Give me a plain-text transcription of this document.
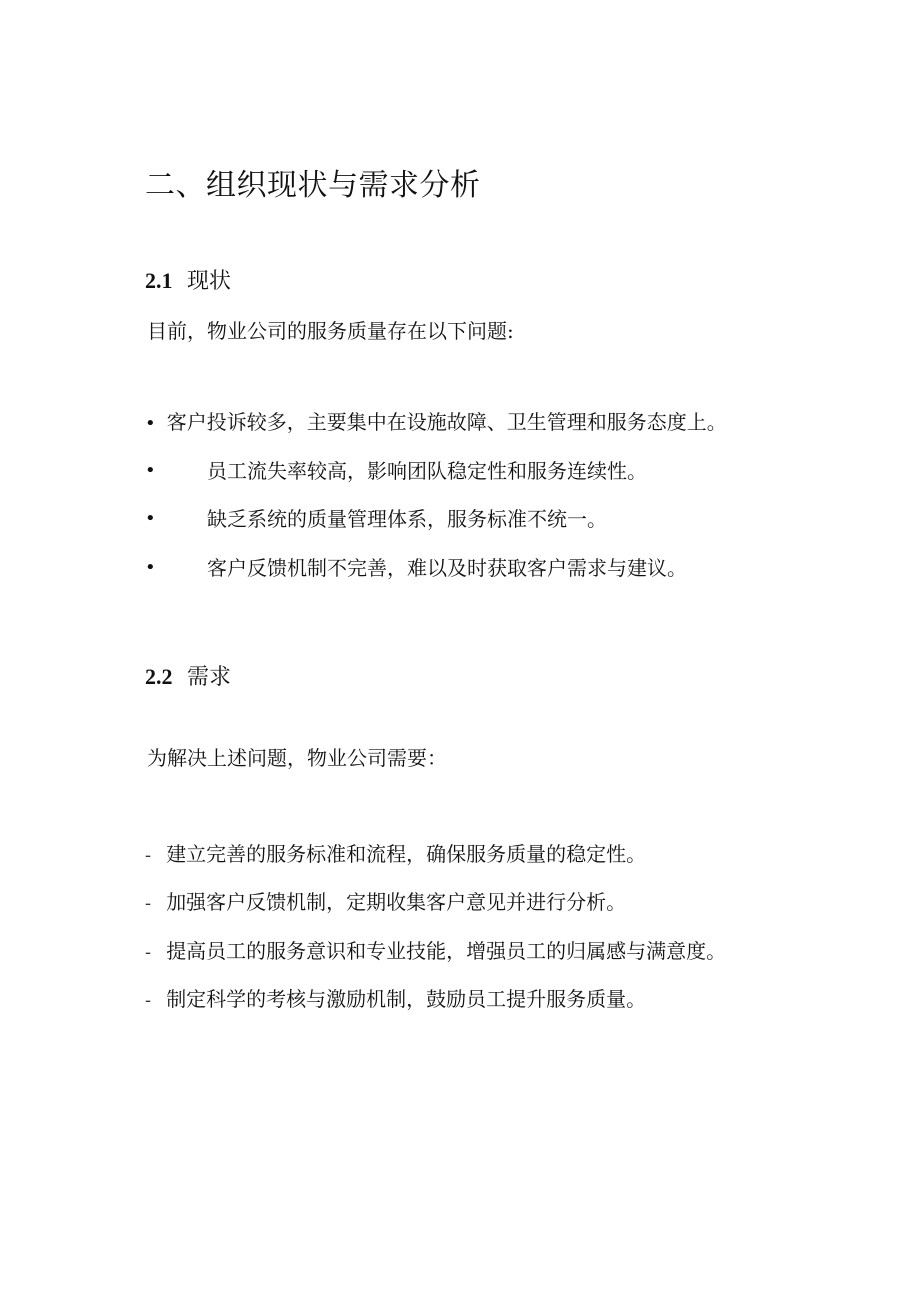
二、组织现状与需求分析
2.1 现状
目前，物业公司的服务质量存在以下问题:
• 客户投诉较多，主要集中在设施故障、卫生管理和服务态度上。
•	员工流失率较高，影响团队稳定性和服务连续性。
•	缺乏系统的质量管理体系，服务标准不统一。
•	客户反馈机制不完善，难以及时获取客户需求与建议。
2.2 需求
为解决上述问题，物业公司需要：
- 建立完善的服务标准和流程，确保服务质量的稳定性。
- 加强客户反馈机制，定期收集客户意见并进行分析。
- 提高员工的服务意识和专业技能，增强员工的归属感与满意度。
- 制定科学的考核与激励机制，鼓励员工提升服务质量。
